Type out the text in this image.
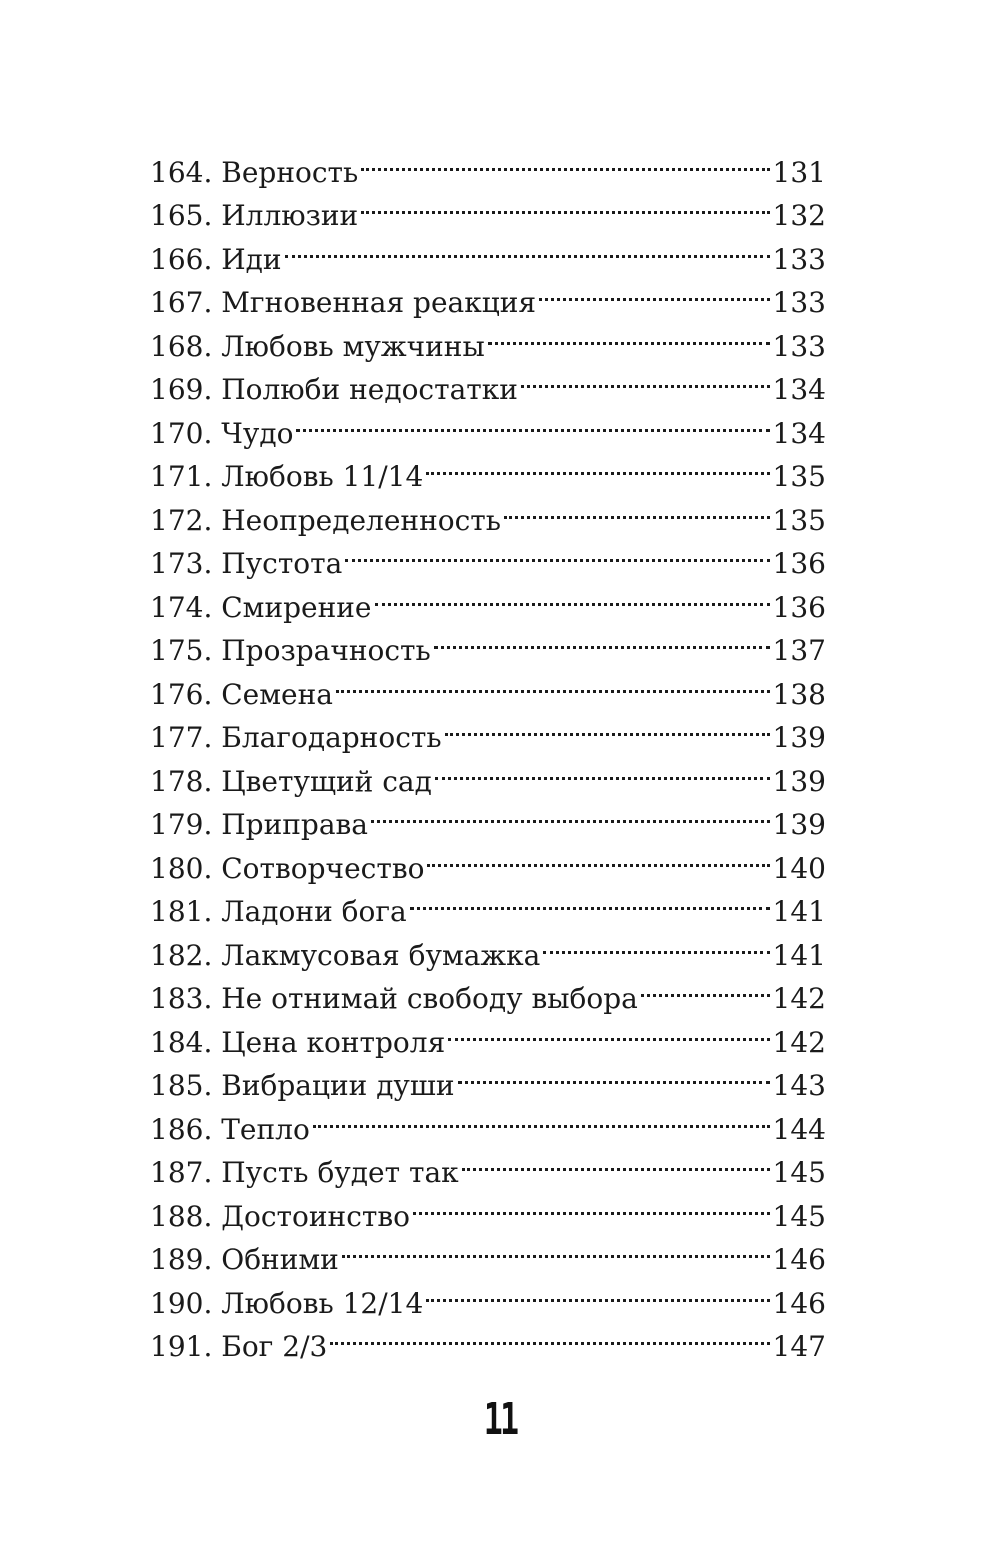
164. Верность	131
165. Иллюзии	132
166. Иди	133
167. Мгновенная реакция	133
168. Любовь мужчины	133
169. Полюби недостатки	134
170. Чудо	134
171. Любовь 11/14	135
172. Неопределенность	135
173. Пустота	136
174. Смирение	136
175. Прозрачность	137
176. Семена	138
177. Благодарность	139
178. Цветущий сад	139
179. Приправа	139
180. Сотворчество	140
181. Ладони бога	141
182. Лакмусовая бумажка	141
183. Не отнимай свободу выбора	142
184. Цена контроля	142
185. Вибрации души	143
186. Тепло	144
187. Пусть будет так	145
188. Достоинство	145
189. Обними	146
190. Любовь 12/14	146
191. Бог 2/3	147
11
